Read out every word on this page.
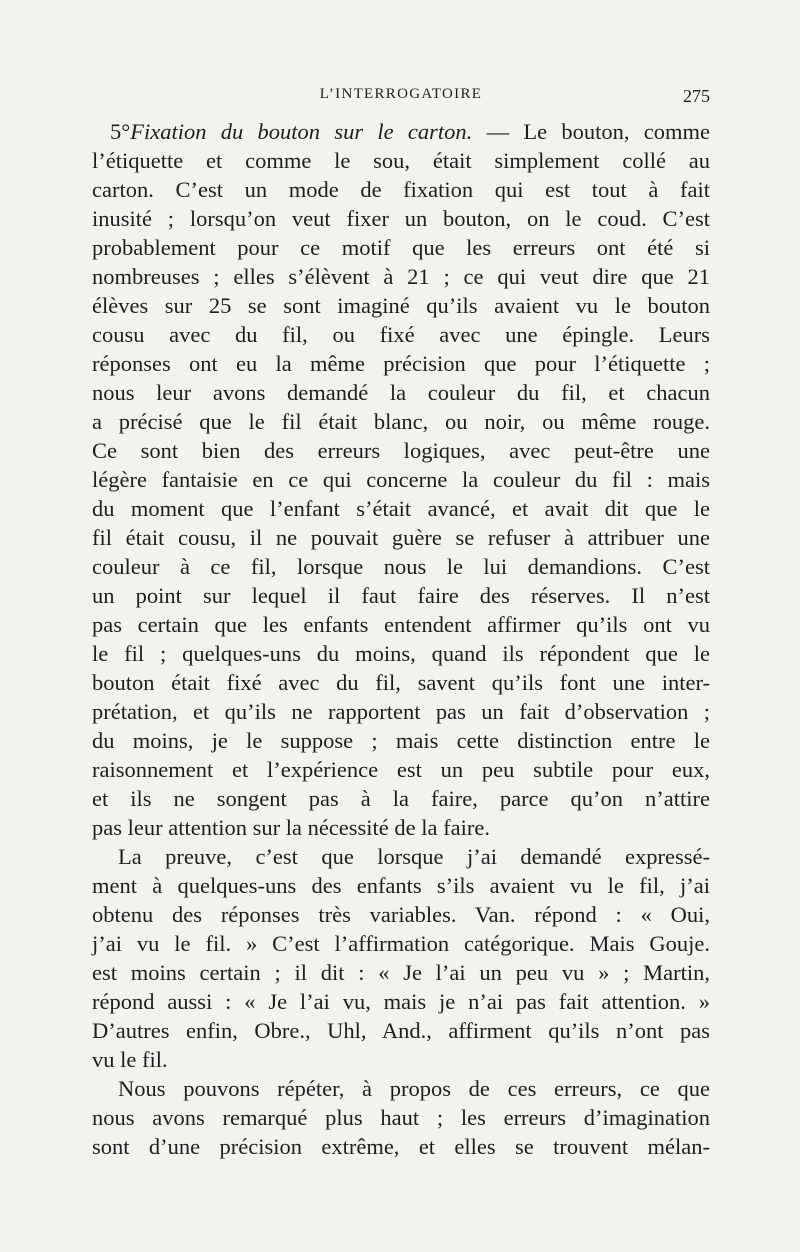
L’INTERROGATOIRE	275
5°Fixation du bouton sur le carton. — Le bouton, comme
l’étiquette et comme le sou, était simplement collé au
carton. C’est un mode de fixation qui est tout à fait
inusité ; lorsqu’on veut fixer un bouton, on le coud. C’est
probablement pour ce motif que les erreurs ont été si
nombreuses ; elles s’élèvent à 21 ; ce qui veut dire que 21
élèves sur 25 se sont imaginé qu’ils avaient vu le bouton
cousu avec du fil, ou fixé avec une épingle. Leurs
réponses ont eu la même précision que pour l’étiquette ;
nous leur avons demandé la couleur du fil, et chacun
a précisé que le fil était blanc, ou noir, ou même rouge.
Ce sont bien des erreurs logiques, avec peut-être une
légère fantaisie en ce qui concerne la couleur du fil : mais
du moment que l’enfant s’était avancé, et avait dit que le
fil était cousu, il ne pouvait guère se refuser à attribuer une
couleur à ce fil, lorsque nous le lui demandions. C’est
un point sur lequel il faut faire des réserves. Il n’est
pas certain que les enfants entendent affirmer qu’ils ont vu
le fil ; quelques-uns du moins, quand ils répondent que le
bouton était fixé avec du fil, savent qu’ils font une inter-
prétation, et qu’ils ne rapportent pas un fait d’observation ;
du moins, je le suppose ; mais cette distinction entre le
raisonnement et l’expérience est un peu subtile pour eux,
et ils ne songent pas à la faire, parce qu’on n’attire
pas leur attention sur la nécessité de la faire.
La preuve, c’est que lorsque j’ai demandé expressé-
ment à quelques-uns des enfants s’ils avaient vu le fil, j’ai
obtenu des réponses très variables. Van. répond : « Oui,
j’ai vu le fil. » C’est l’affirmation catégorique. Mais Gouje.
est moins certain ; il dit : « Je l’ai un peu vu » ; Martin,
répond aussi : « Je l’ai vu, mais je n’ai pas fait attention. »
D’autres enfin, Obre., Uhl, And., affirment qu’ils n’ont pas
vu le fil.
Nous pouvons répéter, à propos de ces erreurs, ce que
nous avons remarqué plus haut ; les erreurs d’imagination
sont d’une précision extrême, et elles se trouvent mélan-
